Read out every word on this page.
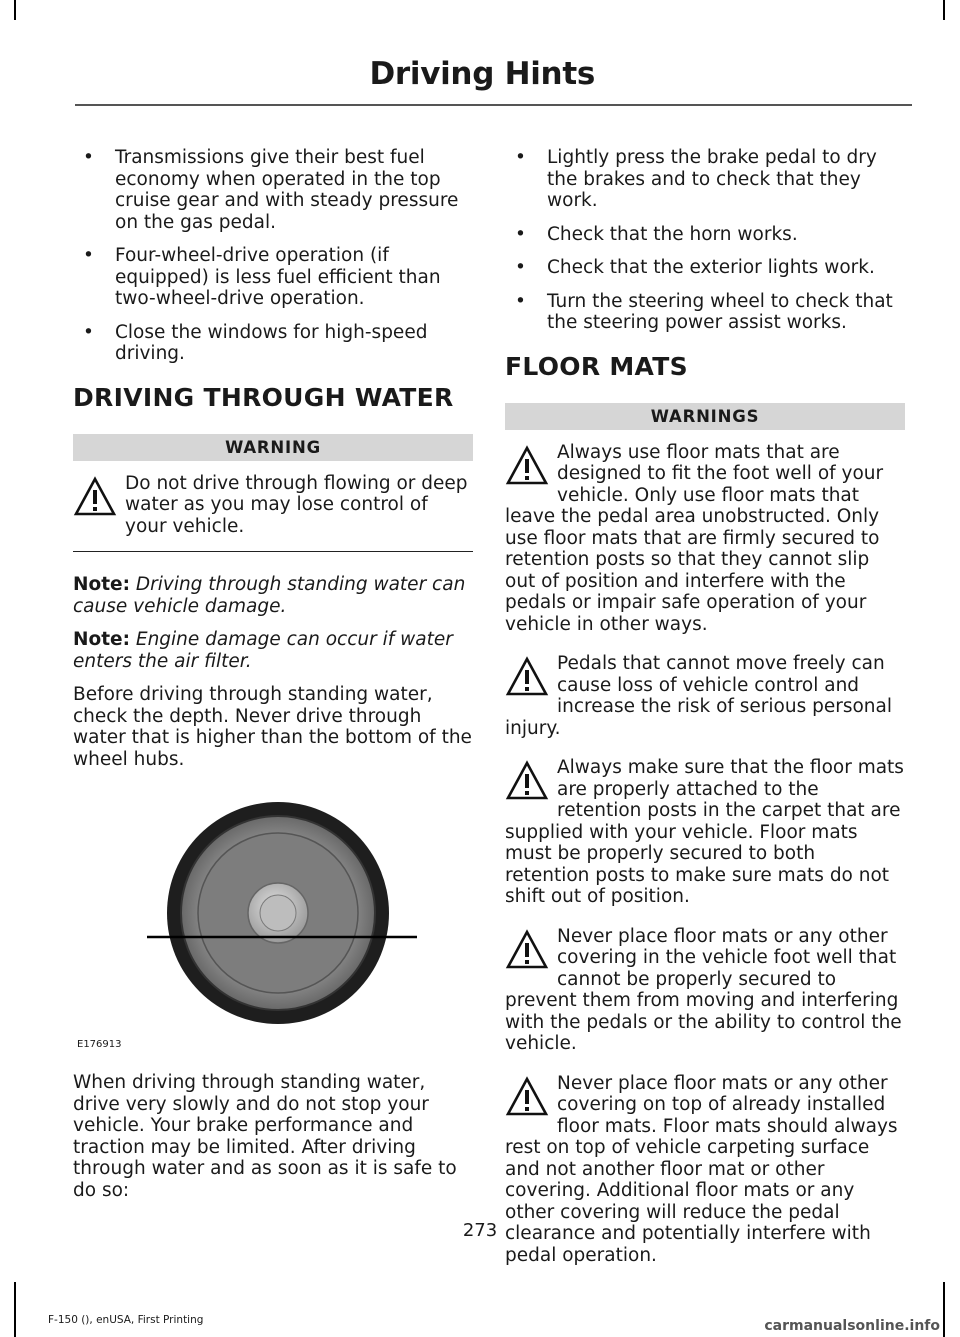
Driving Hints
• Transmissions give their best fuel economy when operated in the top cruise gear and with steady pressure on the gas pedal.
• Four-wheel-drive operation (if equipped) is less fuel efficient than two-wheel-drive operation.
• Close the windows for high-speed driving.
DRIVING THROUGH WATER
WARNING
Do not drive through flowing or deep water as you may lose control of your vehicle.

Note: Driving through standing water can cause vehicle damage.

Note: Engine damage can occur if water enters the air filter.

Before driving through standing water, check the depth. Never drive through water that is higher than the bottom of the wheel hubs.

E176913

When driving through standing water, drive very slowly and do not stop your vehicle. Your brake performance and traction may be limited. After driving through water and as soon as it is safe to do so:

• Lightly press the brake pedal to dry the brakes and to check that they work.
• Check that the horn works.
• Check that the exterior lights work.
• Turn the steering wheel to check that the steering power assist works.
FLOOR MATS
WARNINGS
Always use floor mats that are designed to fit the foot well of your vehicle. Only use floor mats that leave the pedal area unobstructed. Only use floor mats that are firmly secured to retention posts so that they cannot slip out of position and interfere with the pedals or impair safe operation of your vehicle in other ways.
Pedals that cannot move freely can cause loss of vehicle control and increase the risk of serious personal injury.
Always make sure that the floor mats are properly attached to the retention posts in the carpet that are supplied with your vehicle. Floor mats must be properly secured to both retention posts to make sure mats do not shift out of position.
Never place floor mats or any other covering in the vehicle foot well that cannot be properly secured to prevent them from moving and interfering with the pedals or the ability to control the vehicle.
Never place floor mats or any other covering on top of already installed floor mats. Floor mats should always rest on top of vehicle carpeting surface and not another floor mat or other covering. Additional floor mats or any other covering will reduce the pedal clearance and potentially interfere with pedal operation.
273
F-150 (), enUSA, First Printing	carmanualsonline.info
